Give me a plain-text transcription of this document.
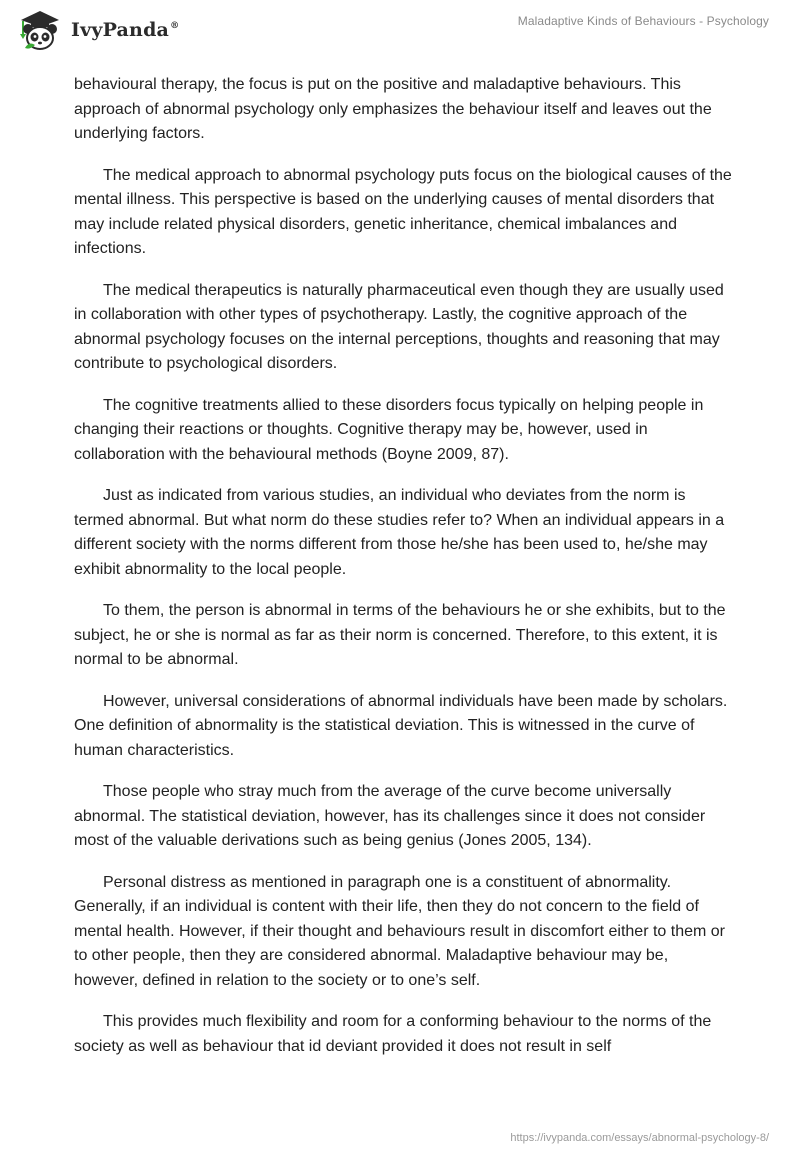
IvyPanda®	Maladaptive Kinds of Behaviours - Psychology

behavioural therapy, the focus is put on the positive and maladaptive behaviours. This approach of abnormal psychology only emphasizes the behaviour itself and leaves out the underlying factors.

The medical approach to abnormal psychology puts focus on the biological causes of the mental illness. This perspective is based on the underlying causes of mental disorders that may include related physical disorders, genetic inheritance, chemical imbalances and infections.

The medical therapeutics is naturally pharmaceutical even though they are usually used in collaboration with other types of psychotherapy. Lastly, the cognitive approach of the abnormal psychology focuses on the internal perceptions, thoughts and reasoning that may contribute to psychological disorders.

The cognitive treatments allied to these disorders focus typically on helping people in changing their reactions or thoughts. Cognitive therapy may be, however, used in collaboration with the behavioural methods (Boyne 2009, 87).

Just as indicated from various studies, an individual who deviates from the norm is termed abnormal. But what norm do these studies refer to? When an individual appears in a different society with the norms different from those he/she has been used to, he/she may exhibit abnormality to the local people.

To them, the person is abnormal in terms of the behaviours he or she exhibits, but to the subject, he or she is normal as far as their norm is concerned. Therefore, to this extent, it is normal to be abnormal.

However, universal considerations of abnormal individuals have been made by scholars. One definition of abnormality is the statistical deviation. This is witnessed in the curve of human characteristics.

Those people who stray much from the average of the curve become universally abnormal. The statistical deviation, however, has its challenges since it does not consider most of the valuable derivations such as being genius (Jones 2005, 134).

Personal distress as mentioned in paragraph one is a constituent of abnormality. Generally, if an individual is content with their life, then they do not concern to the field of mental health. However, if their thought and behaviours result in discomfort either to them or to other people, then they are considered abnormal. Maladaptive behaviour may be, however, defined in relation to the society or to one’s self.

This provides much flexibility and room for a conforming behaviour to the norms of the society as well as behaviour that id deviant provided it does not result in self

https://ivypanda.com/essays/abnormal-psychology-8/
